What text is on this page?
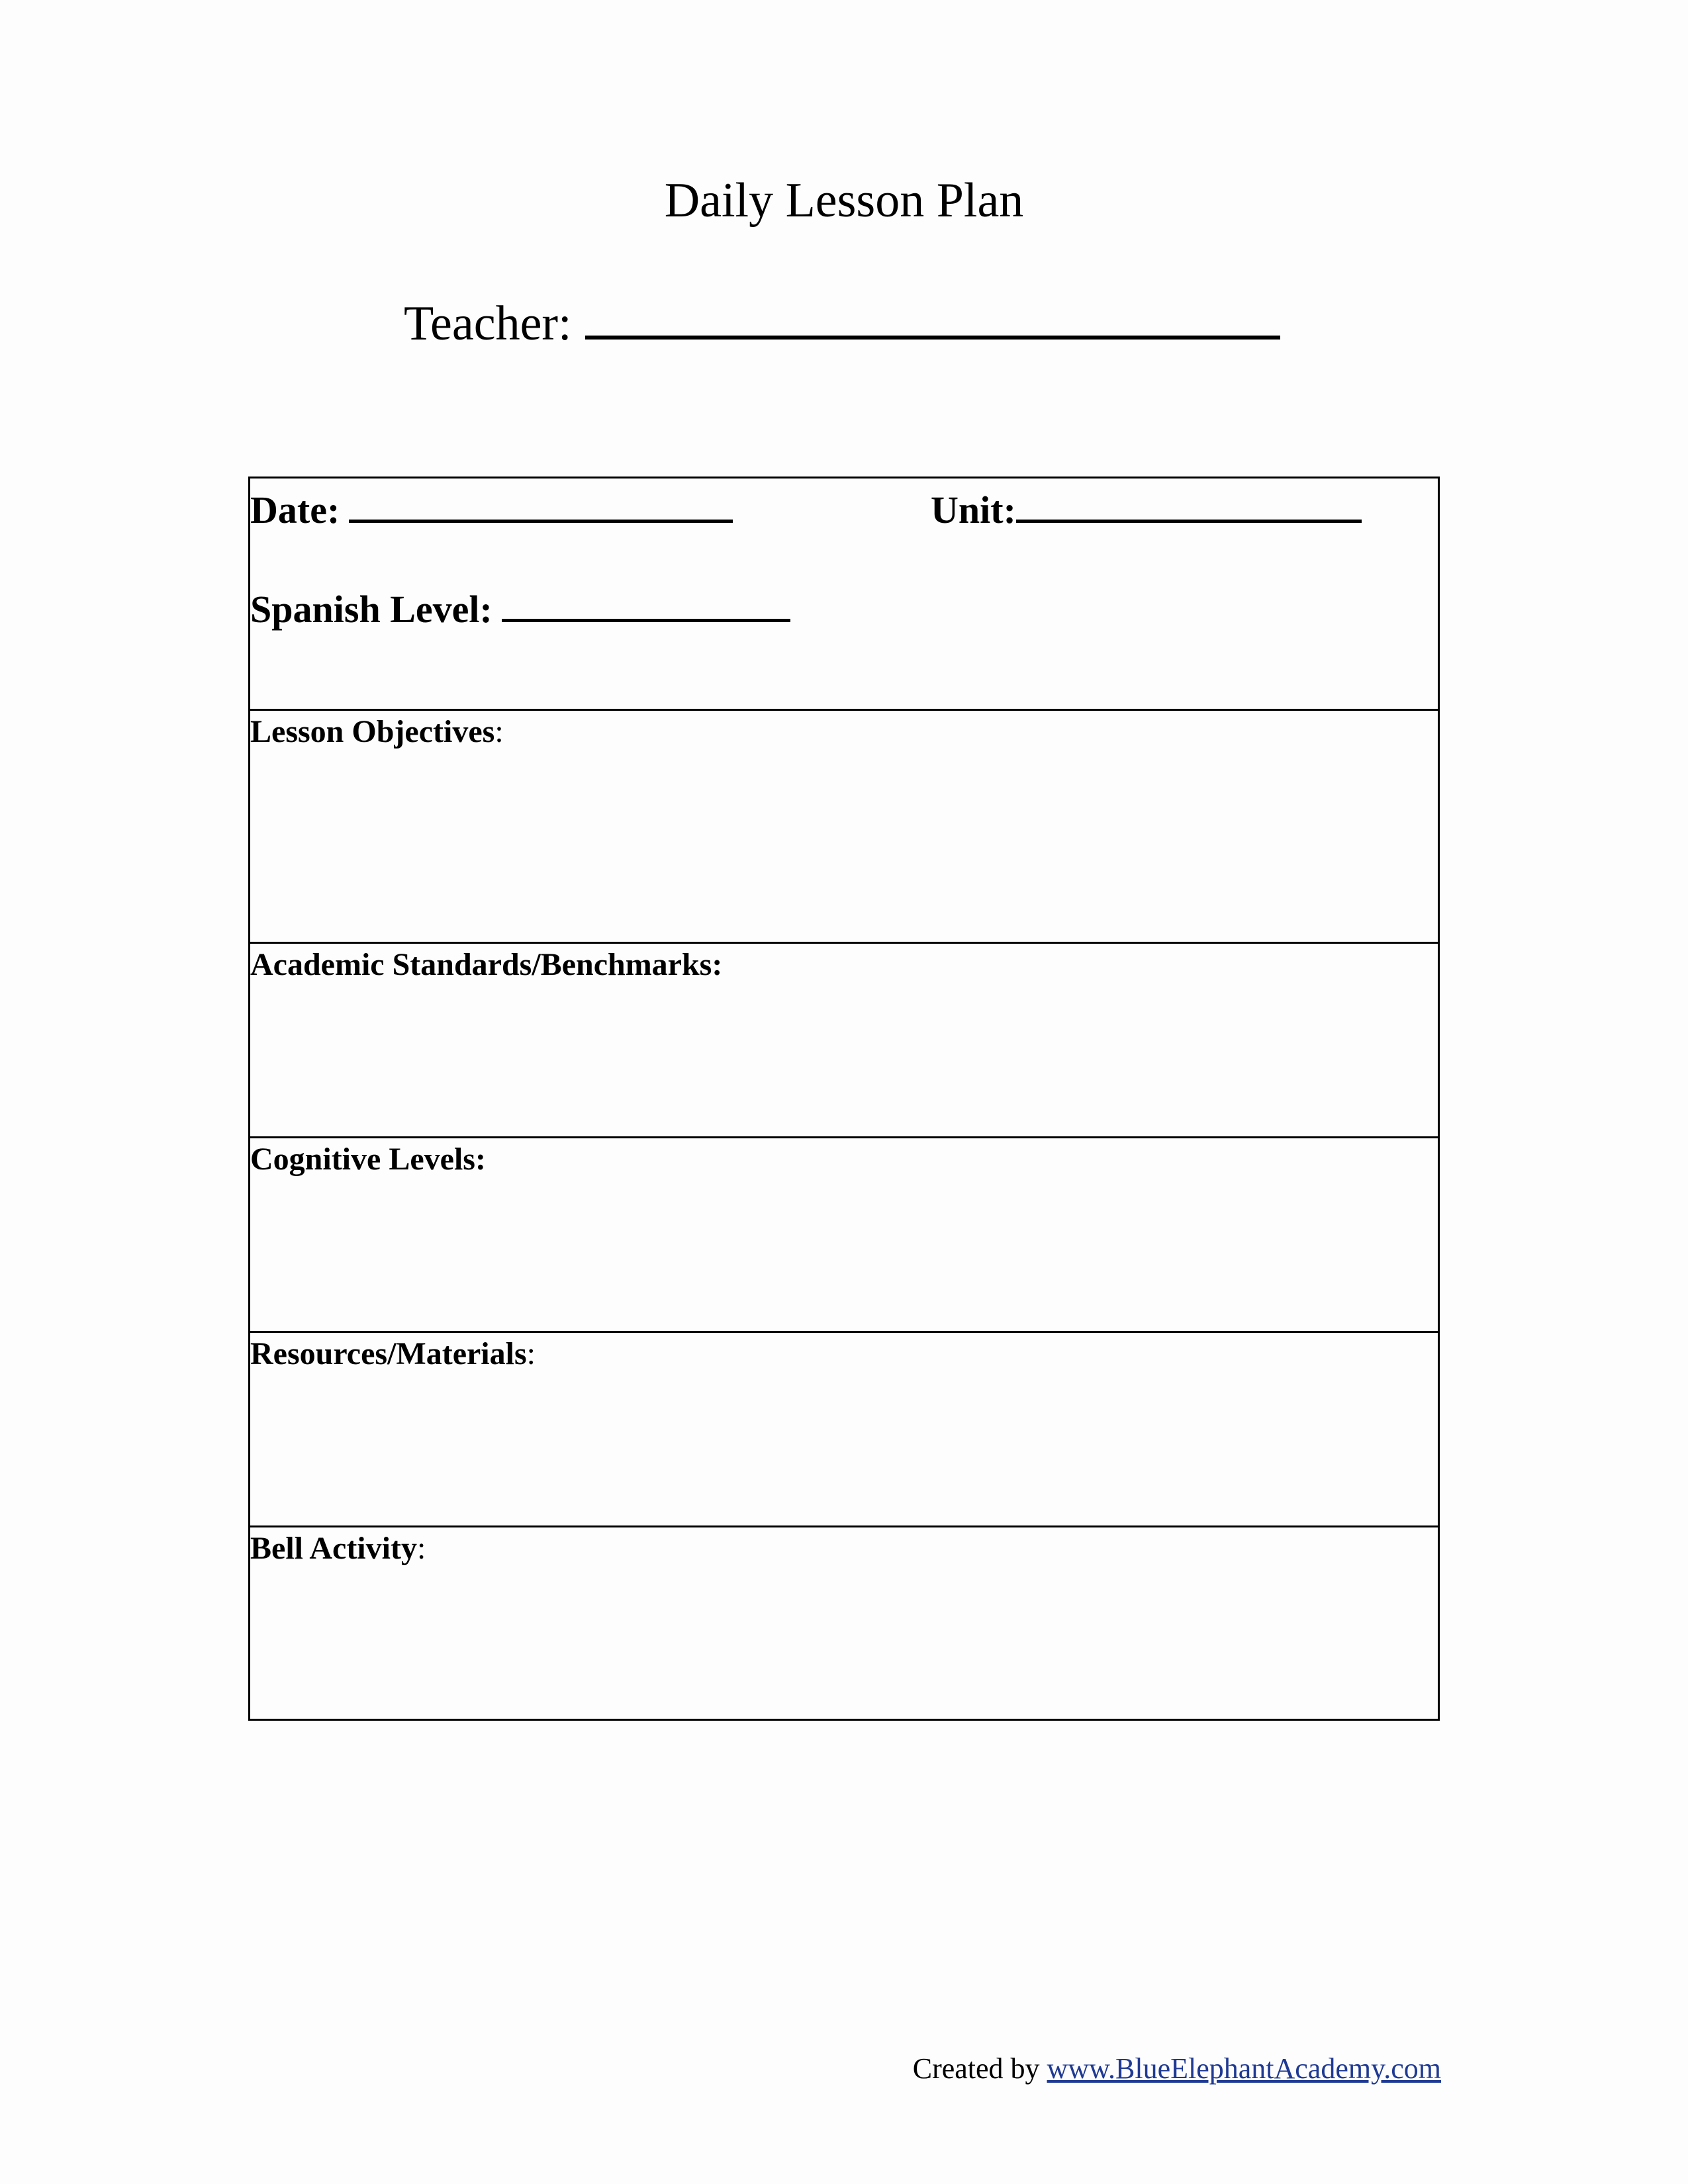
Daily Lesson Plan
Teacher:
Date:	Unit:
Spanish Level:
Lesson Objectives:
Academic Standards/Benchmarks:
Cognitive Levels:
Resources/Materials:
Bell Activity:
Created by www.BlueElephantAcademy.com
